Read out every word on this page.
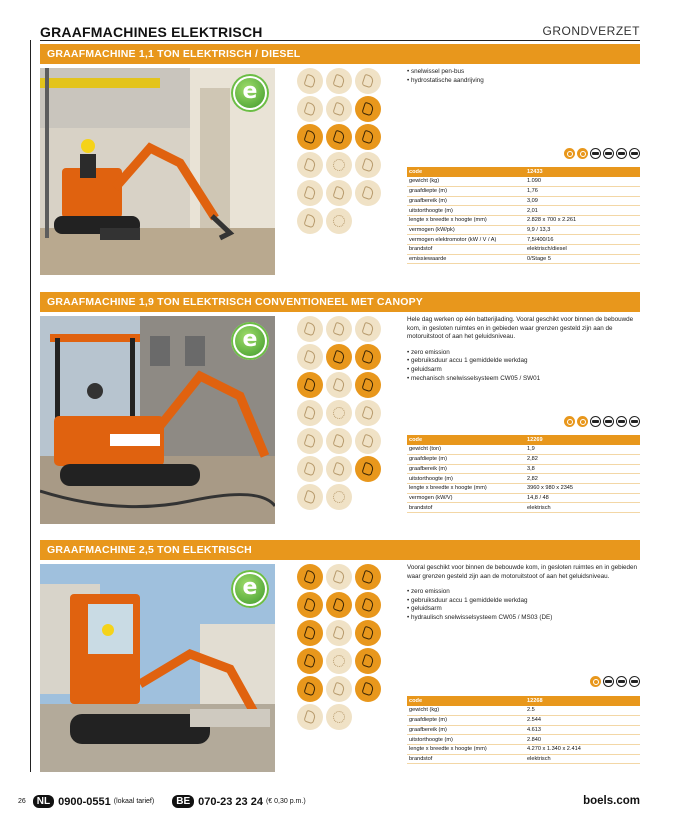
GRAAFMACHINES ELEKTRISCH	GRONDVERZET
GRAAFMACHINE 1,1 TON ELEKTRISCH / DIESEL
e
• snelwissel pen-bus
• hydrostatische aandrijving
code	12433
gewicht (kg)	1.090
graafdiepte (m)	1,76
graafbereik (m)	3,09
uitstorthoogte (m)	2,01
lengte x breedte x hoogte (mm)	2.828 x 700 x 2.261
vermogen (kW/pk)	9,9 / 13,3
vermogen elektromotor (kW / V / A)	7,5/400/16
brandstof	elektrisch/diesel
emissiewaarde	0/Stage 5
GRAAFMACHINE 1,9 TON ELEKTRISCH CONVENTIONEEL MET CANOPY
e
Hele dag werken op één batterijlading. Vooral geschikt voor binnen de bebouwde kom, in gesloten ruimtes en in gebieden waar grenzen gesteld zijn aan de motoruitstoot of aan het geluidsniveau.
• zero emission
• gebruiksduur accu 1 gemiddelde werkdag
• geluidsarm
• mechanisch snelwisselsysteem CW05 / SW01
code	12269
gewicht (ton)	1,9
graafdiepte (m)	2,82
graafbereik (m)	3,8
uitstorthoogte (m)	2,82
lengte x breedte x hoogte (mm)	3960 x 980 x 2345
vermogen (kW/V)	14,8 / 48
brandstof	elektrisch
GRAAFMACHINE 2,5 TON ELEKTRISCH
e
Vooral geschikt voor binnen de bebouwde kom, in gesloten ruimtes en in gebieden waar grenzen gesteld zijn aan de motoruitstoot of aan het geluidsniveau.
• zero emission
• gebruiksduur accu 1 gemiddelde werkdag
• geluidsarm
• hydraulisch snelwisselsysteem CW05 / MS03 (DE)
code	12268
gewicht (kg)	2.5
graafdiepte (m)	2.544
graafbereik (m)	4.613
uitstorthoogte (m)	2.840
lengte x breedte x hoogte (mm)	4.270 x 1.340 x 2.414
brandstof	elektrisch
26	NL 0900-0551 (lokaal tarief)	BE 070-23 23 24 (€ 0,30 p.m.)	boels.com
